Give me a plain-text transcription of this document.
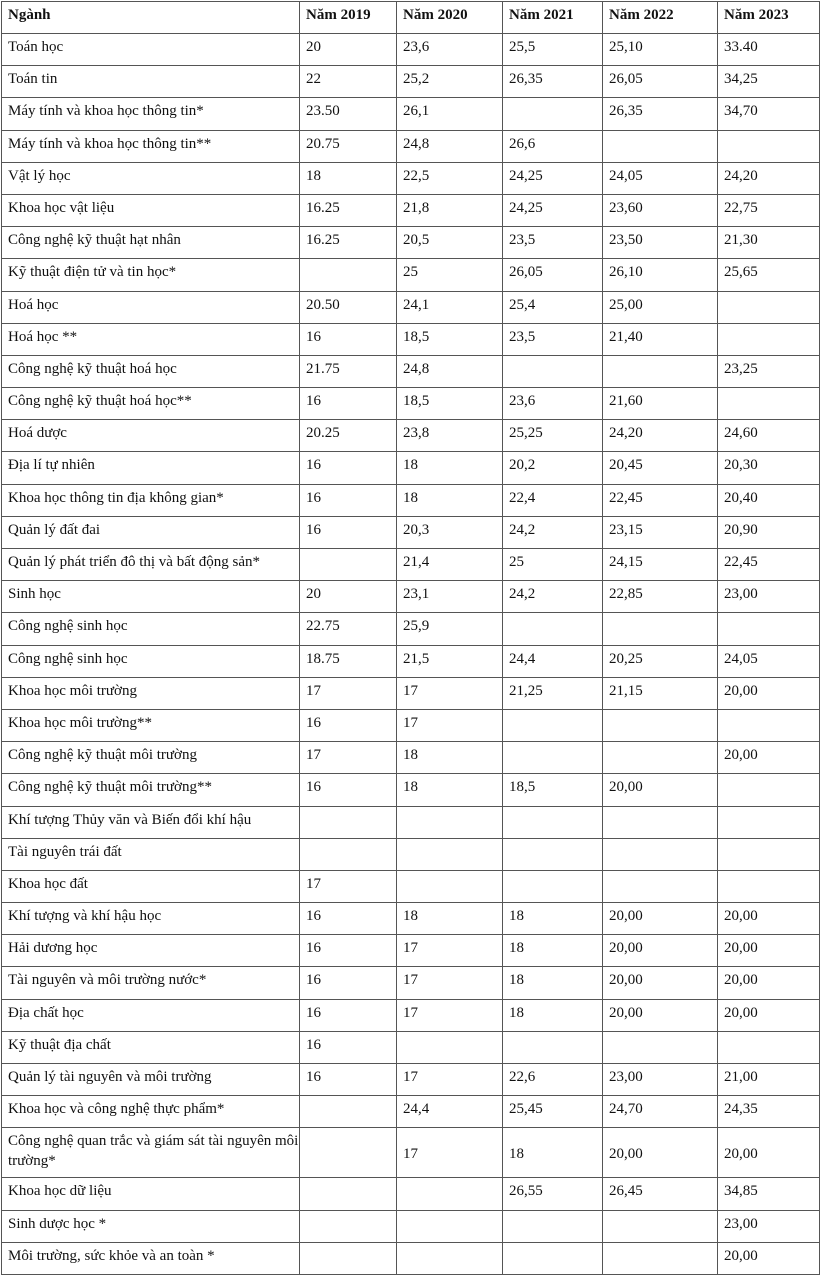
Ngành	Năm 2019	Năm 2020	Năm 2021	Năm 2022	Năm 2023
Toán học	20	23,6	25,5	25,10	33.40
Toán tin	22	25,2	26,35	26,05	34,25
Máy tính và khoa học thông tin*	23.50	26,1		26,35	34,70
Máy tính và khoa học thông tin**	20.75	24,8	26,6		
Vật lý học	18	22,5	24,25	24,05	24,20
Khoa học vật liệu	16.25	21,8	24,25	23,60	22,75
Công nghệ kỹ thuật hạt nhân	16.25	20,5	23,5	23,50	21,30
Kỹ thuật điện tử và tin học*		25	26,05	26,10	25,65
Hoá học	20.50	24,1	25,4	25,00	
Hoá học **	16	18,5	23,5	21,40	
Công nghệ kỹ thuật hoá học	21.75	24,8			23,25
Công nghệ kỹ thuật hoá học**	16	18,5	23,6	21,60	
Hoá dược	20.25	23,8	25,25	24,20	24,60
Địa lí tự nhiên	16	18	20,2	20,45	20,30
Khoa học thông tin địa không gian*	16	18	22,4	22,45	20,40
Quản lý đất đai	16	20,3	24,2	23,15	20,90
Quản lý phát triển đô thị và bất động sản*		21,4	25	24,15	22,45
Sinh học	20	23,1	24,2	22,85	23,00
Công nghệ sinh học	22.75	25,9			
Công nghệ sinh học	18.75	21,5	24,4	20,25	24,05
Khoa học môi trường	17	17	21,25	21,15	20,00
Khoa học môi trường**	16	17			
Công nghệ kỹ thuật môi trường	17	18			20,00
Công nghệ kỹ thuật môi trường**	16	18	18,5	20,00	
Khí tượng Thủy văn và Biến đổi khí hậu					
Tài nguyên trái đất					
Khoa học đất	17				
Khí tượng và khí hậu học	16	18	18	20,00	20,00
Hải dương học	16	17	18	20,00	20,00
Tài nguyên và môi trường nước*	16	17	18	20,00	20,00
Địa chất học	16	17	18	20,00	20,00
Kỹ thuật địa chất	16				
Quản lý tài nguyên và môi trường	16	17	22,6	23,00	21,00
Khoa học và công nghệ thực phẩm*		24,4	25,45	24,70	24,35
Công nghệ quan trắc và giám sát tài nguyên môi trường*		17	18	20,00	20,00
Khoa học dữ liệu			26,55	26,45	34,85
Sinh dược học *					23,00
Môi trường, sức khỏe và an toàn *					20,00
